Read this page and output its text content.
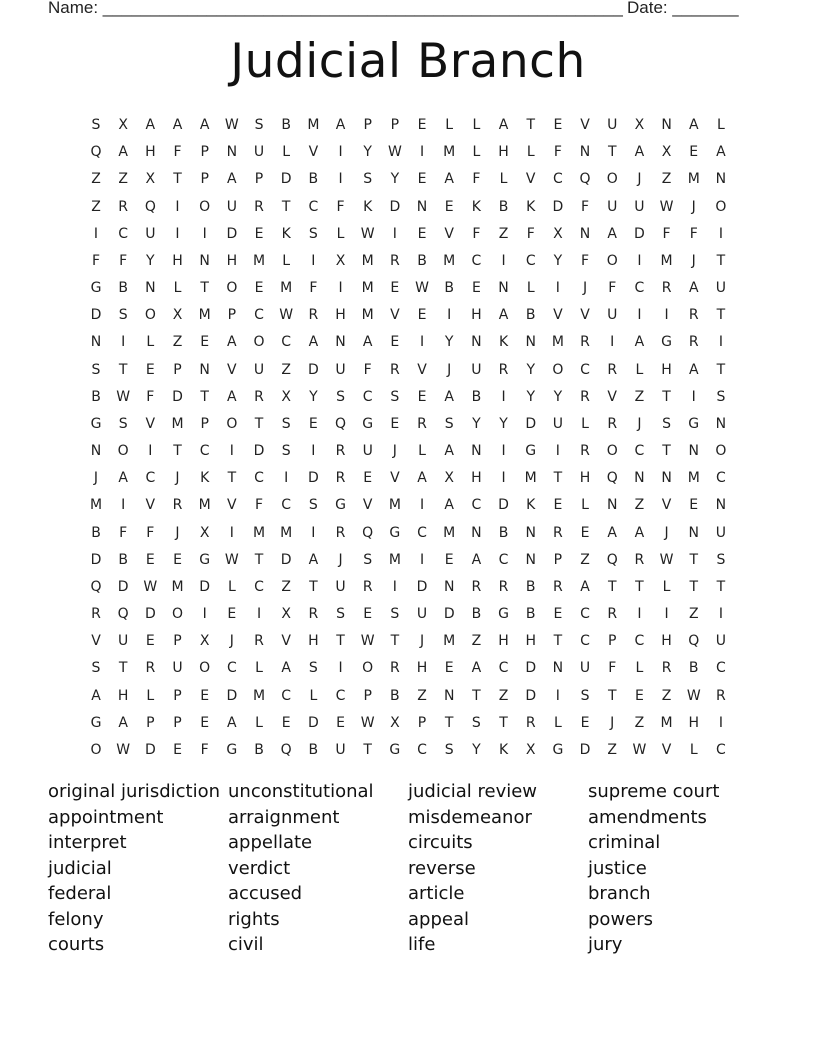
Name: _______________________________________________________ Date: _______
Judicial Branch
S	X	A	A	A	W	S	B	M	A	P	P	E	L	L	A	T	E	V	U	X	N	A	L
Q	A	H	F	P	N	U	L	V	I	Y	W	I	M	L	H	L	F	N	T	A	X	E	A
Z	Z	X	T	P	A	P	D	B	I	S	Y	E	A	F	L	V	C	Q	O	J	Z	M	N
Z	R	Q	I	O	U	R	T	C	F	K	D	N	E	K	B	K	D	F	U	U	W	J	O
I	C	U	I	I	D	E	K	S	L	W	I	E	V	F	Z	F	X	N	A	D	F	F	I
F	F	Y	H	N	H	M	L	I	X	M	R	B	M	C	I	C	Y	F	O	I	M	J	T
G	B	N	L	T	O	E	M	F	I	M	E	W	B	E	N	L	I	J	F	C	R	A	U
D	S	O	X	M	P	C	W	R	H	M	V	E	I	H	A	B	V	V	U	I	I	R	T
N	I	L	Z	E	A	O	C	A	N	A	E	I	Y	N	K	N	M	R	I	A	G	R	I
S	T	E	P	N	V	U	Z	D	U	F	R	V	J	U	R	Y	O	C	R	L	H	A	T
B	W	F	D	T	A	R	X	Y	S	C	S	E	A	B	I	Y	Y	R	V	Z	T	I	S
G	S	V	M	P	O	T	S	E	Q	G	E	R	S	Y	Y	D	U	L	R	J	S	G	N
N	O	I	T	C	I	D	S	I	R	U	J	L	A	N	I	G	I	R	O	C	T	N	O
J	A	C	J	K	T	C	I	D	R	E	V	A	X	H	I	M	T	H	Q	N	N	M	C
M	I	V	R	M	V	F	C	S	G	V	M	I	A	C	D	K	E	L	N	Z	V	E	N
B	F	F	J	X	I	M	M	I	R	Q	G	C	M	N	B	N	R	E	A	A	J	N	U
D	B	E	E	G	W	T	D	A	J	S	M	I	E	A	C	N	P	Z	Q	R	W	T	S
Q	D	W	M	D	L	C	Z	T	U	R	I	D	N	R	R	B	R	A	T	T	L	T	T
R	Q	D	O	I	E	I	X	R	S	E	S	U	D	B	G	B	E	C	R	I	I	Z	I
V	U	E	P	X	J	R	V	H	T	W	T	J	M	Z	H	H	T	C	P	C	H	Q	U
S	T	R	U	O	C	L	A	S	I	O	R	H	E	A	C	D	N	U	F	L	R	B	C
A	H	L	P	E	D	M	C	L	C	P	B	Z	N	T	Z	D	I	S	T	E	Z	W	R
G	A	P	P	E	A	L	E	D	E	W	X	P	T	S	T	R	L	E	J	Z	M	H	I
O	W	D	E	F	G	B	Q	B	U	T	G	C	S	Y	K	X	G	D	Z	W	V	L	C
original jurisdiction
appointment
interpret
judicial
federal
felony
courts
unconstitutional
arraignment
appellate
verdict
accused
rights
civil
judicial review
misdemeanor
circuits
reverse
article
appeal
life
supreme court
amendments
criminal
justice
branch
powers
jury
